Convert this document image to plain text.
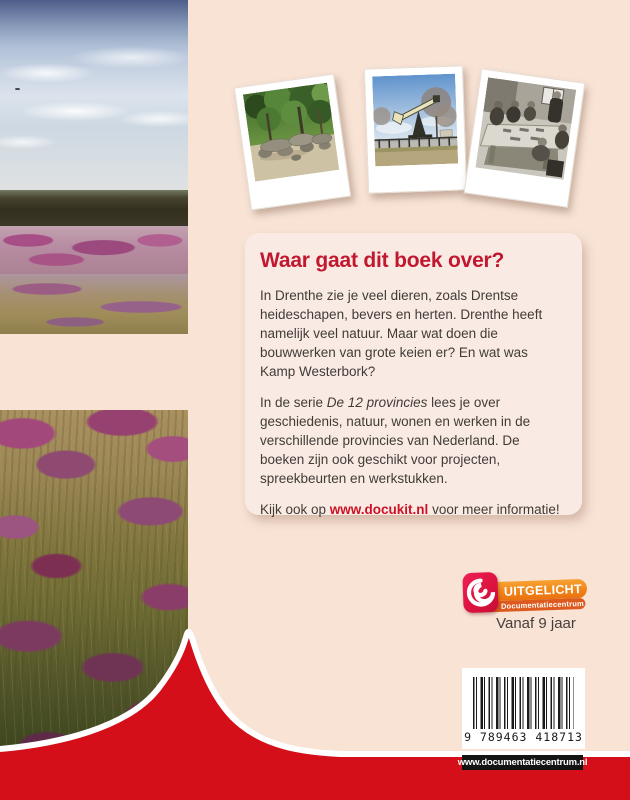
Waar gaat dit boek over?

In Drenthe zie je veel dieren, zoals Drentse heideschapen, bevers en herten. Drenthe heeft namelijk veel natuur. Maar wat doen die bouwwerken van grote keien er? En wat was Kamp Westerbork?

In de serie De 12 provincies lees je over geschiedenis, natuur, wonen en werken in de verschillende provincies van Nederland. De boeken zijn ook geschikt voor projecten, spreekbeurten en werkstukken.

Kijk ook op www.docukit.nl voor meer informatie!

UITGELICHT
Documentatiecentrum
Vanaf 9 jaar
9 789463 418713
www.documentatiecentrum.nl
